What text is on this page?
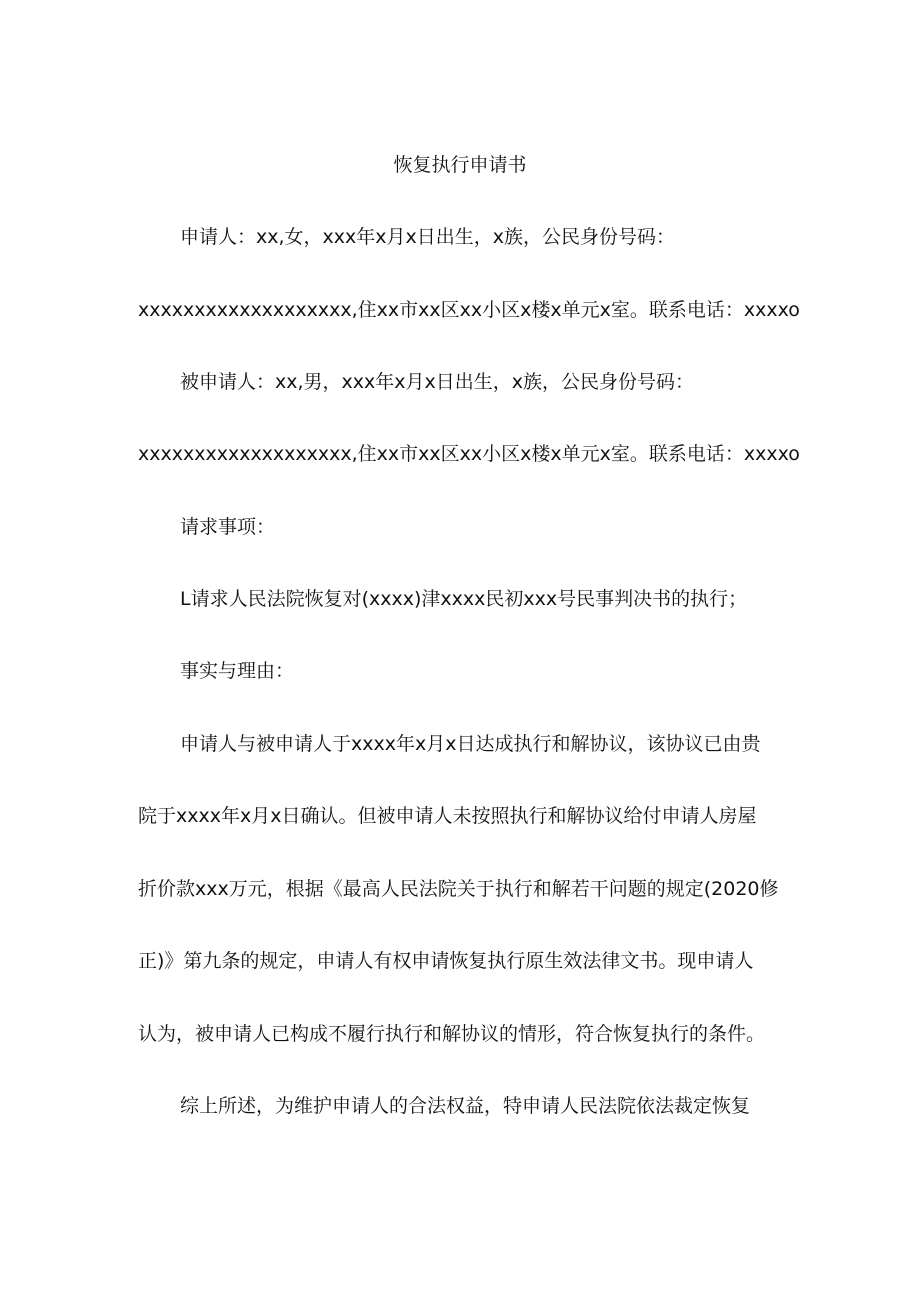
恢复执行申请书
申请人：xx,女，xxx年x月x日出生，x族，公民身份号码：
xxxxxxxxxxxxxxxxxxx,住xx市xx区xx小区x楼x单元x室。联系电话：xxxxo
被申请人：xx,男，xxx年x月x日出生，x族，公民身份号码：
xxxxxxxxxxxxxxxxxxx,住xx市xx区xx小区x楼x单元x室。联系电话：xxxxo
请求事项：
L请求人民法院恢复对(xxxx)津xxxx民初xxx号民事判决书的执行；
事实与理由：
申请人与被申请人于xxxx年x月x日达成执行和解协议，该协议已由贵
院于xxxx年x月x日确认。但被申请人未按照执行和解协议给付申请人房屋
折价款xxx万元，根据《最高人民法院关于执行和解若干问题的规定(2020修
正)》第九条的规定，申请人有权申请恢复执行原生效法律文书。现申请人
认为，被申请人已构成不履行执行和解协议的情形，符合恢复执行的条件。
综上所述，为维护申请人的合法权益，特申请人民法院依法裁定恢复
